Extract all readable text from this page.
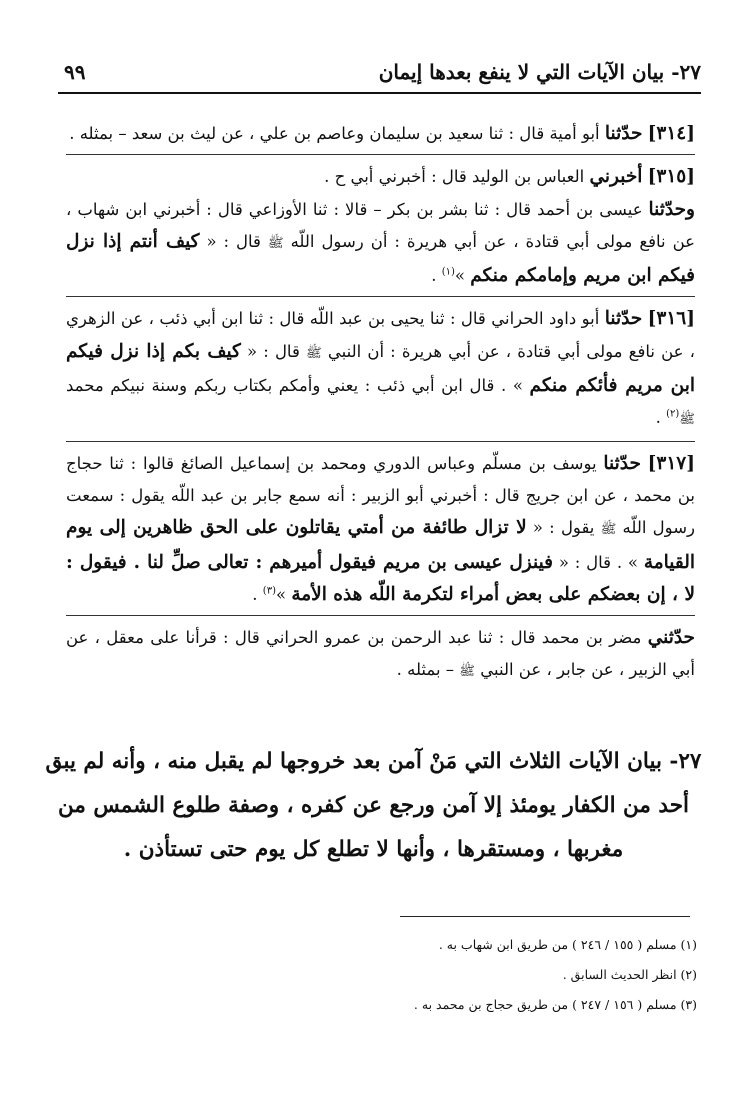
٢٧- بيان الآيات التي لا ينفع بعدها إيمان
٩٩

[٣١٤] حدّثنا أبو أمية قال : ثنا سعيد بن سليمان وعاصم بن علي ، عن ليث بن سعد – بمثله .

[٣١٥] أخبرني العباس بن الوليد قال : أخبرني أبي ح .

وحدّثنا عيسى بن أحمد قال : ثنا بشر بن بكر – قالا : ثنا الأوزاعي قال : أخبرني ابن شهاب ، عن نافع مولى أبي قتادة ، عن أبي هريرة : أن رسول اللّه ﷺ قال : « كيف أنتم إذا نزل فيكم ابن مريم وإمامكم منكم »$^{(١)}$ .

[٣١٦] حدّثنا أبو داود الحراني قال : ثنا يحيى بن عبد اللّه قال : ثنا ابن أبي ذئب ، عن الزهري ، عن نافع مولى أبي قتادة ، عن أبي هريرة : أن النبي ﷺ قال : « كيف بكم إذا نزل فيكم ابن مريم فأئكم منكم » . قال ابن أبي ذئب : يعني وأمكم بكتاب ربكم وسنة نبيكم محمد ﷺ$^{(٢)}$ .

[٣١٧] حدّثنا يوسف بن مسلّم وعباس الدوري ومحمد بن إسماعيل الصائغ قالوا : ثنا حجاج بن محمد ، عن ابن جريج قال : أخبرني أبو الزبير : أنه سمع جابر بن عبد اللّه يقول : سمعت رسول اللّه ﷺ يقول : « لا تزال طائفة من أمتي يقاتلون على الحق ظاهرين إلى يوم القيامة » . قال : « فينزل عيسى بن مريم فيقول أميرهم : تعالى صلِّ لنا . فيقول : لا ، إن بعضكم على بعض أمراء لتكرمة اللّه هذه الأمة »$^{(٣)}$ .

حدّثني مضر بن محمد قال : ثنا عبد الرحمن بن عمرو الحراني قال : قرأنا على معقل ، عن أبي الزبير ، عن جابر ، عن النبي ﷺ – بمثله .

٢٧- بيان الآيات الثلاث التي مَنْ آمن بعد خروجها لم يقبل منه ، وأنه لم يبق أحد من الكفار يومئذ إلا آمن ورجع عن كفره ، وصفة طلوع الشمس من مغربها ، ومستقرها ، وأنها لا تطلع كل يوم حتى تستأذن .

(١) مسلم ( ١٥٥ / ٢٤٦ ) من طريق ابن شهاب به .

(٢) انظر الحديث السابق .

(٣) مسلم ( ١٥٦ / ٢٤٧ ) من طريق حجاج بن محمد به .
